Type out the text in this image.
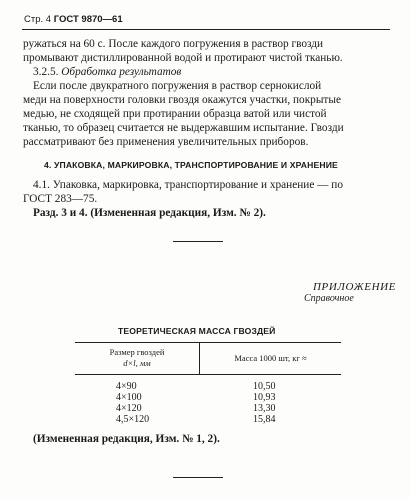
Стр. 4 ГОСТ 9870—61
ружаться на 60 с. После каждого погружения в раствор гвозди
промывают дистиллированной водой и протирают чистой тканью.
3.2.5. Обработка результатов
Если после двукратного погружения в раствор сернокислой
меди на поверхности головки гвоздя окажутся участки, покрытые
медью, не сходящей при протирании образца ватой или чистой
тканью, то образец считается не выдержавшим испытание. Гвозди
рассматривают без применения увеличительных приборов.
4. УПАКОВКА, МАРКИРОВКА, ТРАНСПОРТИРОВАНИЕ И ХРАНЕНИЕ
4.1. Упаковка, маркировка, транспортирование и хранение — по
ГОСТ 283—75.
Разд. 3 и 4. (Измененная редакция, Изм. № 2).
ПРИЛОЖЕНИЕ
Справочное
ТЕОРЕТИЧЕСКАЯ МАССА ГВОЗДЕЙ
Размер гвоздей
d×l, мм	Масса 1000 шт, кг ≈
4×90	10,50
4×100	10,93
4×120	13,30
4,5×120	15,84
(Измененная редакция, Изм. № 1, 2).
